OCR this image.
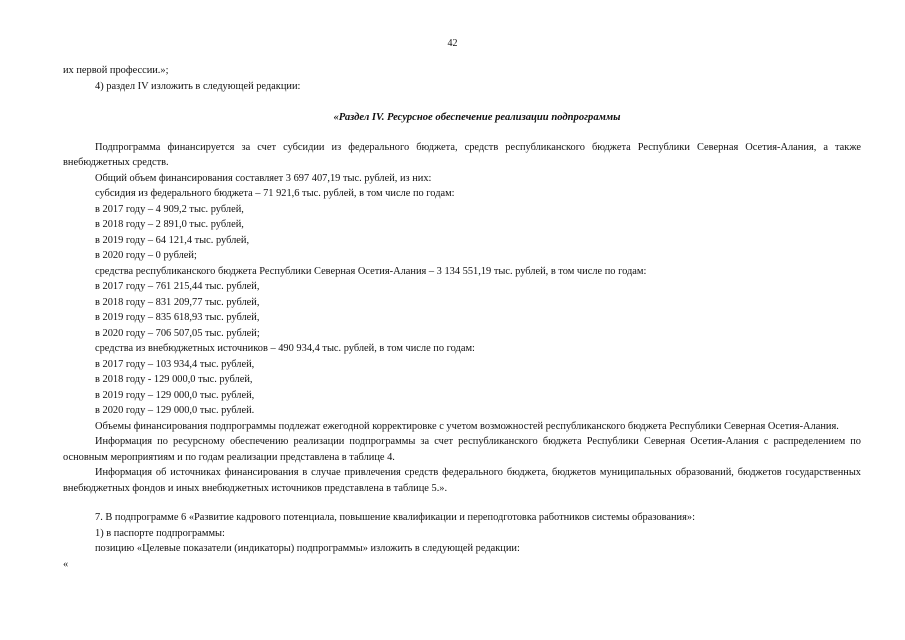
42
их первой профессии.»;
4) раздел IV изложить в следующей редакции:
«Раздел IV. Ресурсное обеспечение реализации подпрограммы
Подпрограмма финансируется за счет субсидии из федерального бюджета, средств республиканского бюджета Республики Северная Осетия-Алания, а также внебюджетных средств.
Общий объем финансирования составляет 3 697 407,19 тыс. рублей, из них:
субсидия из федерального бюджета – 71 921,6 тыс. рублей, в том числе по годам:
в 2017 году – 4 909,2 тыс. рублей,
в 2018 году – 2 891,0 тыс. рублей,
в 2019 году – 64 121,4 тыс. рублей,
в 2020 году – 0 рублей;
средства республиканского бюджета Республики Северная Осетия-Алания – 3 134 551,19 тыс. рублей, в том числе по годам:
в 2017 году – 761 215,44 тыс. рублей,
в 2018 году – 831 209,77 тыс. рублей,
в 2019 году – 835 618,93 тыс. рублей,
в 2020 году – 706 507,05 тыс. рублей;
средства из внебюджетных источников – 490 934,4 тыс. рублей, в том числе по годам:
в 2017 году – 103 934,4 тыс. рублей,
в 2018 году - 129 000,0 тыс. рублей,
в 2019 году – 129 000,0 тыс. рублей,
в 2020 году – 129 000,0 тыс. рублей.
Объемы финансирования подпрограммы подлежат ежегодной корректировке с учетом возможностей республиканского бюджета Республики Северная Осетия-Алания.
Информация по ресурсному обеспечению реализации подпрограммы за счет республиканского бюджета Республики Северная Осетия-Алания с распределением по основным мероприятиям и по годам реализации представлена в таблице 4.
Информация об источниках финансирования в случае привлечения средств федерального бюджета, бюджетов муниципальных образований, бюджетов государственных внебюджетных фондов и иных внебюджетных источников представлена в таблице 5.».
7. В подпрограмме 6 «Развитие кадрового потенциала, повышение квалификации и переподготовка работников системы образования»:
1) в паспорте подпрограммы:
позицию «Целевые показатели (индикаторы) подпрограммы» изложить в следующей редакции:
«
